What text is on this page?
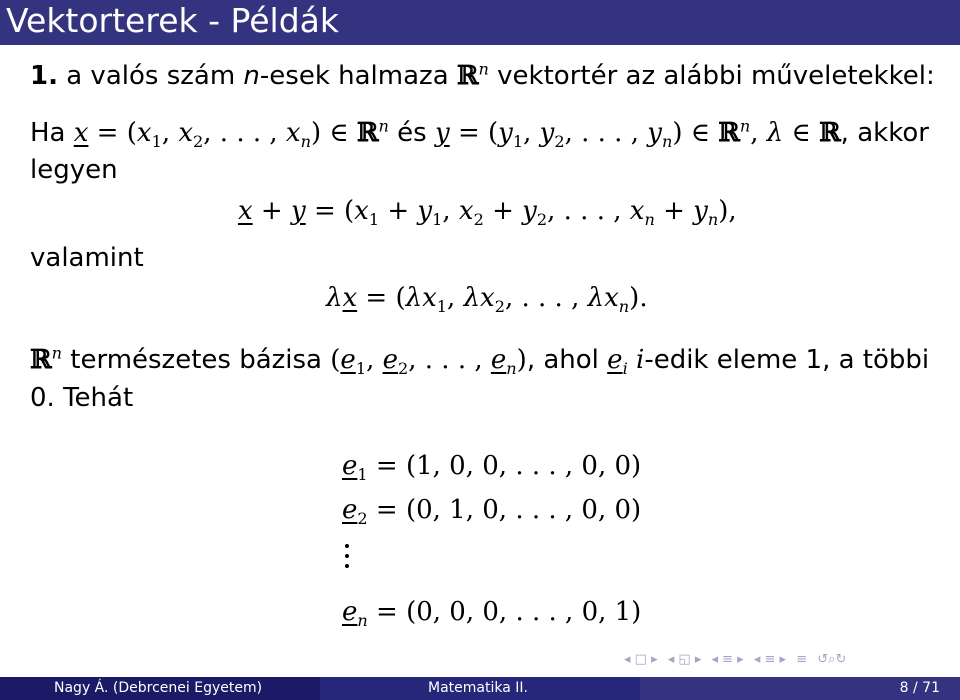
Vektorterek - Példák
1. a valós szám n-esek halmaza ℝ$^n$ vektortér az alábbi műveletekkel:
Ha $x = (x_1$, $x_2$, . . . , $x_n$) ∈ ℝ$^n$ és $y = (y_1$, $y_2$, . . . , $y_n$) ∈ ℝ$^n$, λ ∈ ℝ, akkor
legyen
$x + y = (x_1 + y_1$, $x_2 + y_2$, . . . , $x_n + y_n$),
valamint
$\lambda x = (\lambda x_1$, $\lambda x_2$, . . . , $\lambda x_n$).
ℝ$^n$ természetes bázisa ($e_1$, $e_2$, . . . , $e_n$), ahol $e_i$ i-edik eleme 1, a többi
0. Tehát
$e_1 = (1$, 0, 0, . . . , 0, 0)
$e_2 = (0$, 1, 0, . . . , 0, 0)
$e_n = (0$, 0, 0, . . . , 0, 1)
◂ □ ▸ ◂ ◱ ▸ ◂ ≡ ▸ ◂ ≡ ▸ ≡ ↺⌕↻
Nagy Á. (Debrcenei Egyetem)	Matematika II.	8 / 71
